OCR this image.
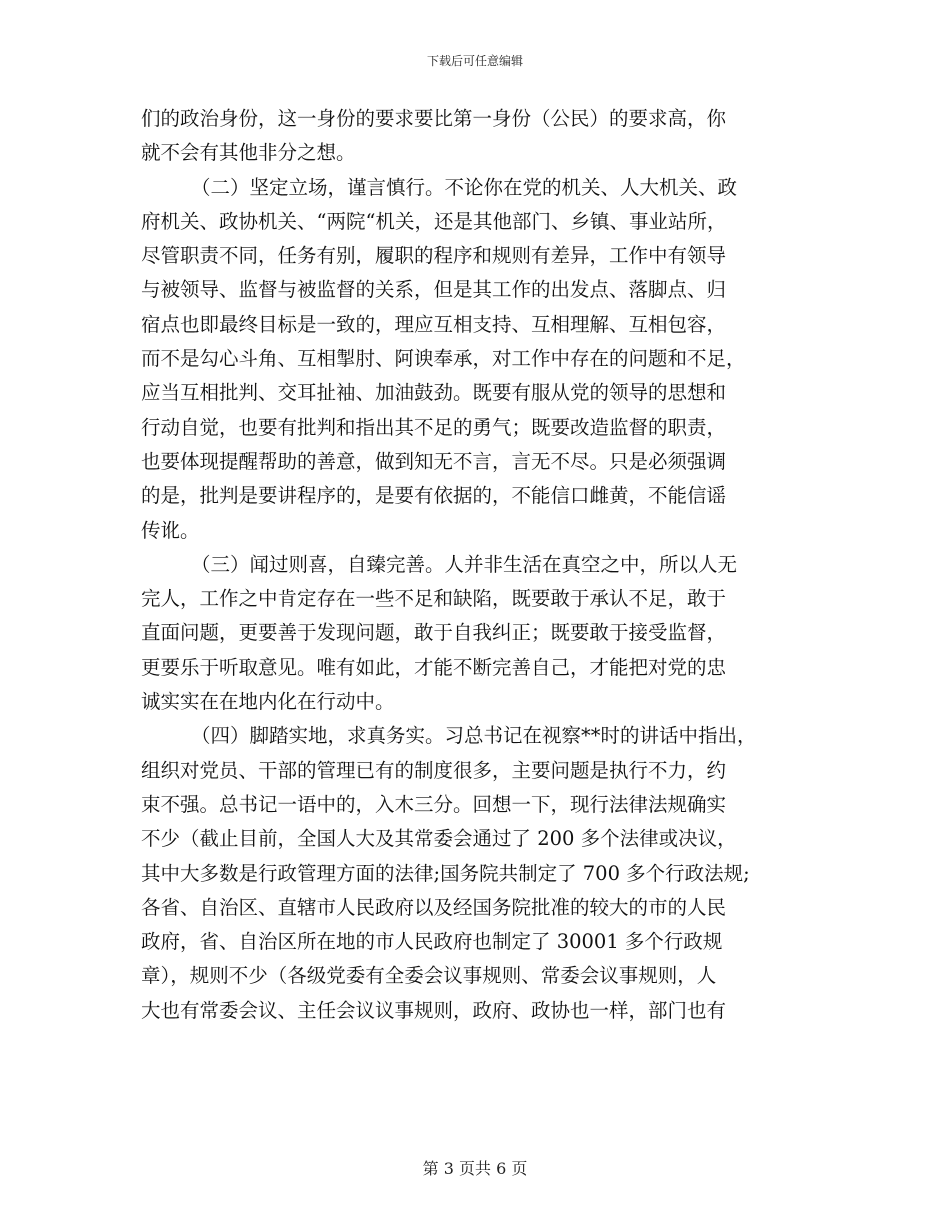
下载后可任意编辑
们的政治身份，这一身份的要求要比第一身份（公民）的要求高，你
就不会有其他非分之想。
（二）坚定立场，谨言慎行。不论你在党的机关、人大机关、政
府机关、政协机关、“两院“机关，还是其他部门、乡镇、事业站所，
尽管职责不同，任务有别，履职的程序和规则有差异，工作中有领导
与被领导、监督与被监督的关系，但是其工作的出发点、落脚点、归
宿点也即最终目标是一致的，理应互相支持、互相理解、互相包容，
而不是勾心斗角、互相掣肘、阿谀奉承，对工作中存在的问题和不足，
应当互相批判、交耳扯袖、加油鼓劲。既要有服从党的领导的思想和
行动自觉，也要有批判和指出其不足的勇气；既要改造监督的职责，
也要体现提醒帮助的善意，做到知无不言，言无不尽。只是必须强调
的是，批判是要讲程序的，是要有依据的，不能信口雌黄，不能信谣
传讹。
（三）闻过则喜，自臻完善。人并非生活在真空之中，所以人无
完人，工作之中肯定存在一些不足和缺陷，既要敢于承认不足，敢于
直面问题，更要善于发现问题，敢于自我纠正；既要敢于接受监督，
更要乐于听取意见。唯有如此，才能不断完善自己，才能把对党的忠
诚实实在在地内化在行动中。
（四）脚踏实地，求真务实。习总书记在视察**时的讲话中指出，
组织对党员、干部的管理已有的制度很多，主要问题是执行不力，约
束不强。总书记一语中的，入木三分。回想一下，现行法律法规确实
不少（截止目前，全国人大及其常委会通过了 200 多个法律或决议，
其中大多数是行政管理方面的法律;国务院共制定了 700 多个行政法规;
各省、自治区、直辖市人民政府以及经国务院批准的较大的市的人民
政府，省、自治区所在地的市人民政府也制定了 30001 多个行政规
章），规则不少（各级党委有全委会议事规则、常委会议事规则，人
大也有常委会议、主任会议议事规则，政府、政协也一样，部门也有
第 3 页共 6 页
